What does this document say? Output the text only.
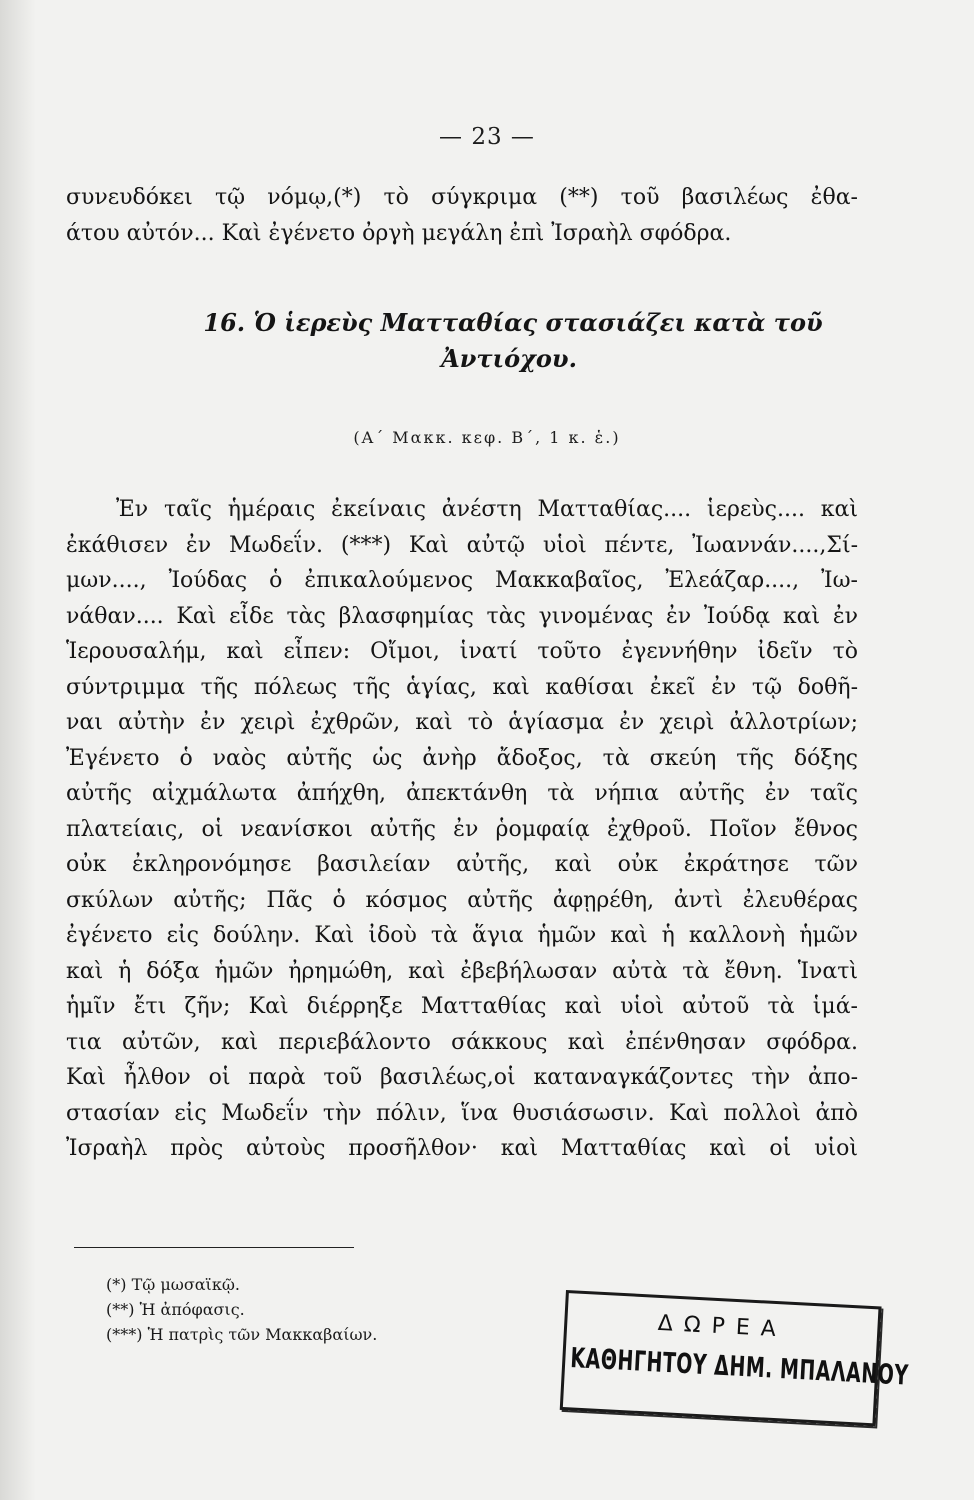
— 23 —
συνευδόκει τῷ νόμῳ,(*) τὸ σύγκριμα (**) τοῦ βασιλέως ἐθα-
άτου αὐτόν... Καὶ ἐγένετο ὀργὴ μεγάλη ἐπὶ Ἰσραὴλ σφόδρα.
16. Ὁ ἱερεὺς Ματταθίας στασιάζει κατὰ τοῦ
Ἀντιόχου.
(Α΄ Μακκ. κεφ. Β΄, 1 κ. ἑ.)
Ἐν ταῖς ἡμέραις ἐκείναις ἀνέστη Ματταθίας.... ἱερεὺς.... καὶ
ἐκάθισεν ἐν Μωδεΐν. (***) Καὶ αὐτῷ υἱοὶ πέντε, Ἰωαννάν....,Σί-
μων...., Ἰούδας ὁ ἐπικαλούμενος Μακκαβαῖος, Ἐλεάζαρ...., Ἰω-
νάθαν.... Καὶ εἶδε τὰς βλασφημίας τὰς γινομένας ἐν Ἰούδᾳ καὶ ἐν
Ἱερουσαλήμ, καὶ εἶπεν: Οἴμοι, ἱνατί τοῦτο ἐγεννήθην ἰδεῖν τὸ
σύντριμμα τῆς πόλεως τῆς ἁγίας, καὶ καθίσαι ἐκεῖ ἐν τῷ δοθῆ-
ναι αὐτὴν ἐν χειρὶ ἐχθρῶν, καὶ τὸ ἁγίασμα ἐν χειρὶ ἀλλοτρίων;
Ἐγένετο ὁ ναὸς αὐτῆς ὡς ἀνὴρ ἄδοξος, τὰ σκεύη τῆς δόξης
αὐτῆς αἰχμάλωτα ἀπήχθη, ἀπεκτάνθη τὰ νήπια αὐτῆς ἐν ταῖς
πλατείαις, οἱ νεανίσκοι αὐτῆς ἐν ῥομφαίᾳ ἐχθροῦ. Ποῖον ἔθνος
οὐκ ἐκληρονόμησε βασιλείαν αὐτῆς, καὶ οὐκ ἐκράτησε τῶν
σκύλων αὐτῆς; Πᾶς ὁ κόσμος αὐτῆς ἀφῃρέθη, ἀντὶ ἐλευθέρας
ἐγένετο εἰς δούλην. Καὶ ἰδοὺ τὰ ἅγια ἡμῶν καὶ ἡ καλλονὴ ἡμῶν
καὶ ἡ δόξα ἡμῶν ἠρημώθη, καὶ ἐβεβήλωσαν αὐτὰ τὰ ἔθνη. Ἱνατὶ
ἡμῖν ἔτι ζῆν; Καὶ διέρρηξε Ματταθίας καὶ υἱοὶ αὐτοῦ τὰ ἱμά-
τια αὐτῶν, καὶ περιεβάλοντο σάκκους καὶ ἐπένθησαν σφόδρα.
Καὶ ἦλθον οἱ παρὰ τοῦ βασιλέως,οἱ καταναγκάζοντες τὴν ἀπο-
στασίαν εἰς Μωδεΐν τὴν πόλιν, ἵνα θυσιάσωσιν. Καὶ πολλοὶ ἀπὸ
Ἰσραὴλ πρὸς αὐτοὺς προσῆλθον· καὶ Ματταθίας καὶ οἱ υἱοὶ
(*) Τῷ μωσαϊκῷ.
(**) Ἡ ἀπόφασις.
(***) Ἡ πατρὶς τῶν Μακκαβαίων.	ΔΩΡΕΑ
ΚΑΘΗΓΗΤΟΥ ΔΗΜ. ΜΠΑΛΑΝΟΥ
